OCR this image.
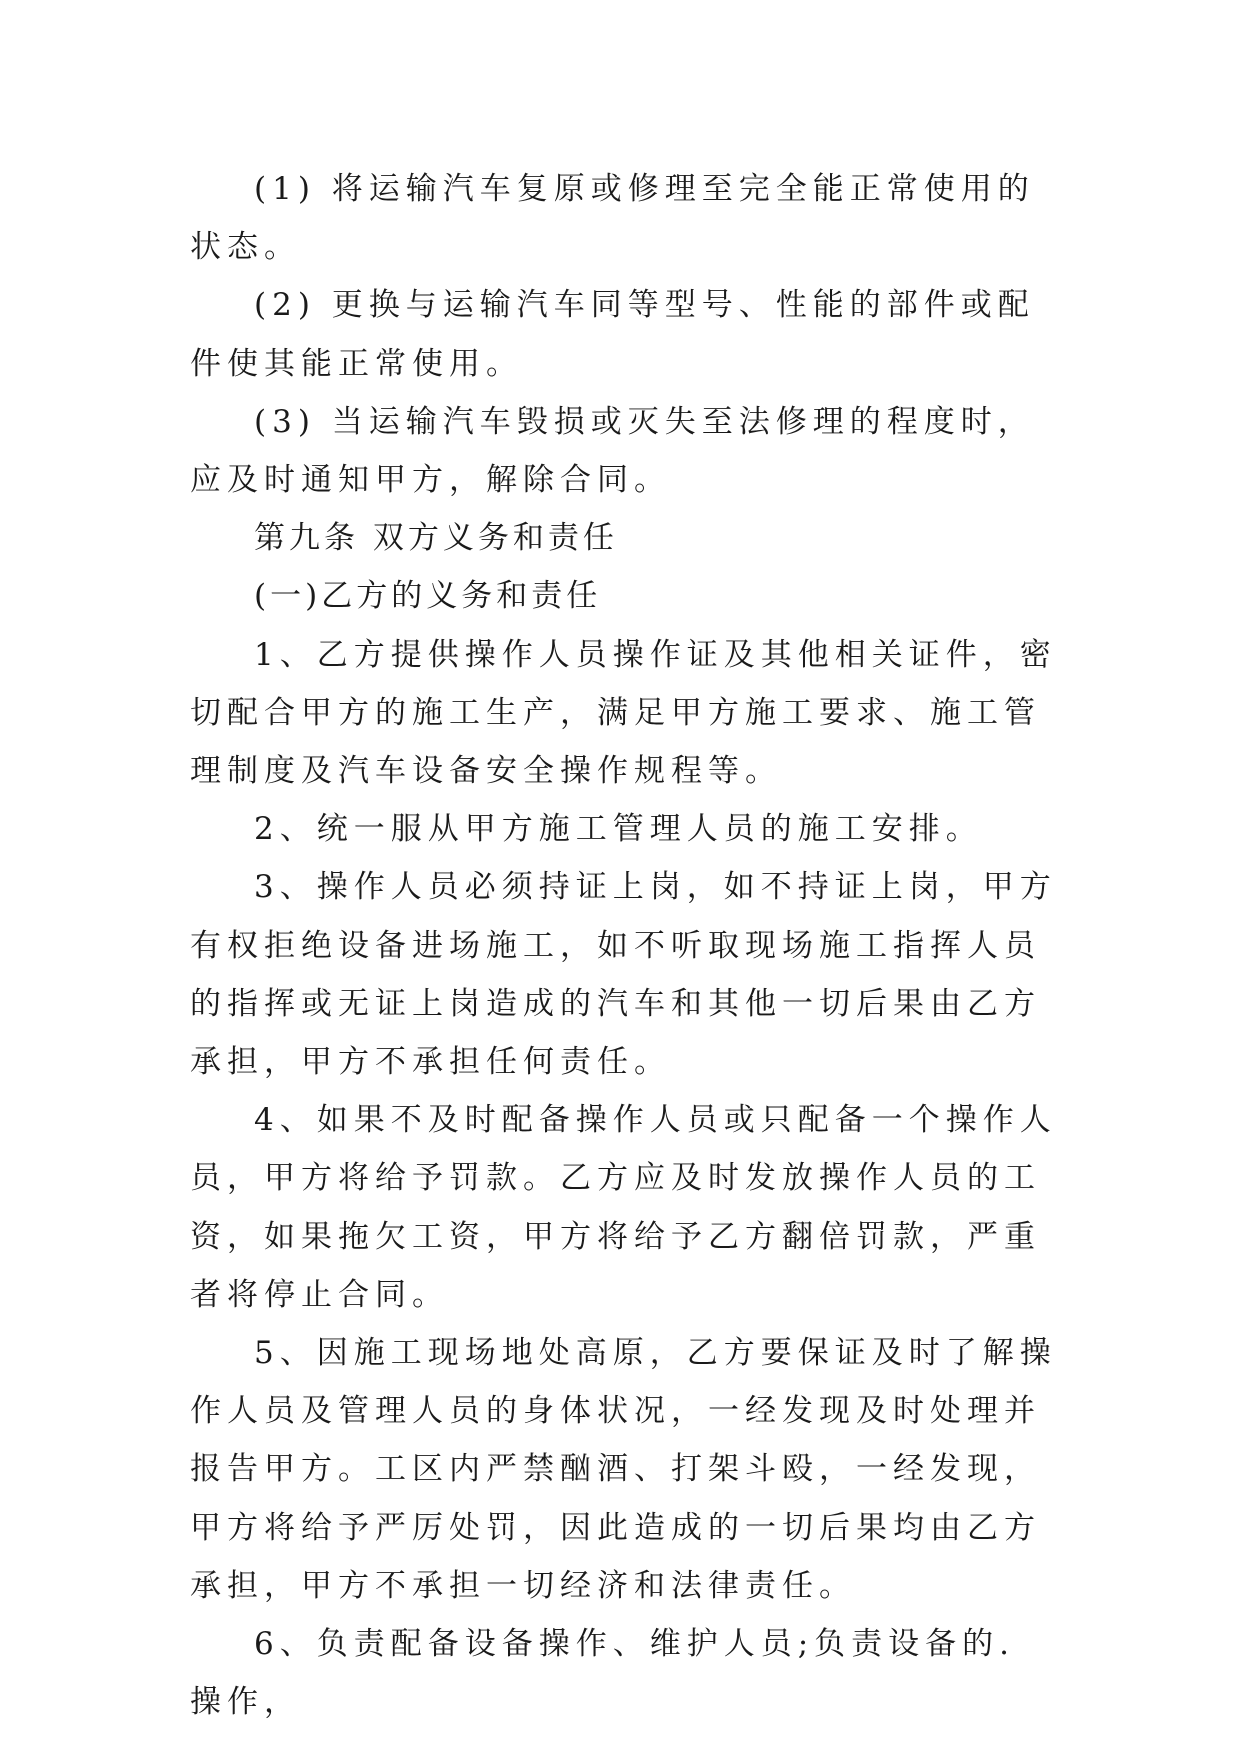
(1) 将运输汽车复原或修理至完全能正常使用的状态。

(2) 更换与运输汽车同等型号、性能的部件或配件使其能正常使用。

(3) 当运输汽车毁损或灭失至法修理的程度时，应及时通知甲方，解除合同。

第九条 双方义务和责任

(一)乙方的义务和责任

1、乙方提供操作人员操作证及其他相关证件，密切配合甲方的施工生产，满足甲方施工要求、施工管理制度及汽车设备安全操作规程等。

2、统一服从甲方施工管理人员的施工安排。

3、操作人员必须持证上岗，如不持证上岗，甲方有权拒绝设备进场施工，如不听取现场施工指挥人员的指挥或无证上岗造成的汽车和其他一切后果由乙方承担，甲方不承担任何责任。

4、如果不及时配备操作人员或只配备一个操作人员，甲方将给予罚款。乙方应及时发放操作人员的工资，如果拖欠工资，甲方将给予乙方翻倍罚款，严重者将停止合同。

5、因施工现场地处高原，乙方要保证及时了解操作人员及管理人员的身体状况，一经发现及时处理并报告甲方。工区内严禁酗酒、打架斗殴，一经发现，甲方将给予严厉处罚，因此造成的一切后果均由乙方承担，甲方不承担一切经济和法律责任。

6、负责配备设备操作、维护人员;负责设备的. 操作，
